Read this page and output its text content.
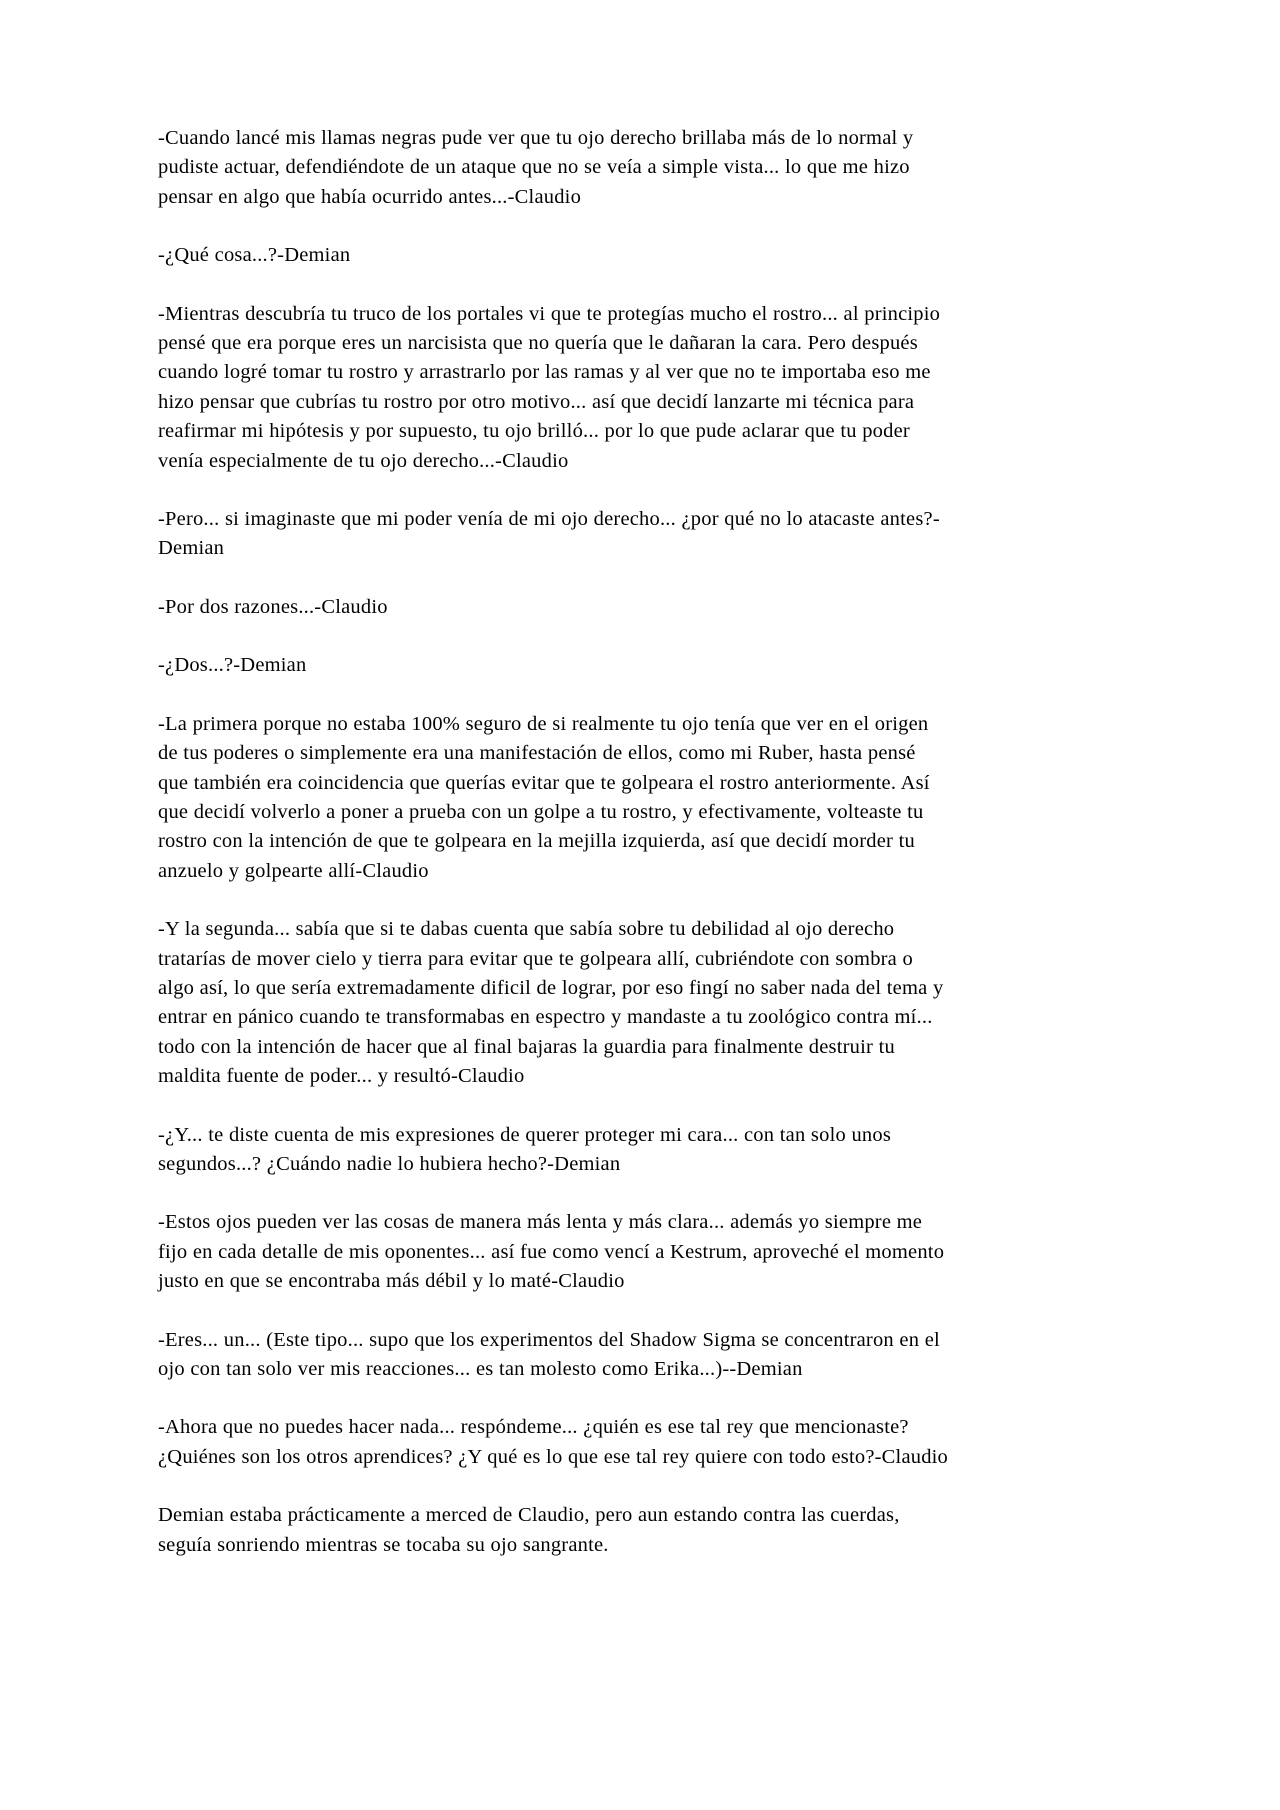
-Cuando lancé mis llamas negras pude ver que tu ojo derecho brillaba más de lo normal y pudiste actuar, defendiéndote de un ataque que no se veía a simple vista... lo que me hizo pensar en algo que había ocurrido antes...-Claudio

-¿Qué cosa...?-Demian

-Mientras descubría tu truco de los portales vi que te protegías mucho el rostro... al principio pensé que era porque eres un narcisista que no quería que le dañaran la cara. Pero después cuando logré tomar tu rostro y arrastrarlo por las ramas y al ver que no te importaba eso me hizo pensar que cubrías tu rostro por otro motivo... así que decidí lanzarte mi técnica para reafirmar mi hipótesis y por supuesto, tu ojo brilló... por lo que pude aclarar que tu poder venía especialmente de tu ojo derecho...-Claudio

-Pero... si imaginaste que mi poder venía de mi ojo derecho... ¿por qué no lo atacaste antes?-Demian

-Por dos razones...-Claudio

-¿Dos...?-Demian

-La primera porque no estaba 100% seguro de si realmente tu ojo tenía que ver en el origen de tus poderes o simplemente era una manifestación de ellos, como mi Ruber, hasta pensé que también era coincidencia que querías evitar que te golpeara el rostro anteriormente. Así que decidí volverlo a poner a prueba con un golpe a tu rostro, y efectivamente, volteaste tu rostro con la intención de que te golpeara en la mejilla izquierda, así que decidí morder tu anzuelo y golpearte allí-Claudio

-Y la segunda... sabía que si te dabas cuenta que sabía sobre tu debilidad al ojo derecho tratarías de mover cielo y tierra para evitar que te golpeara allí, cubriéndote con sombra o algo así, lo que sería extremadamente dificil de lograr, por eso fingí no saber nada del tema y entrar en pánico cuando te transformabas en espectro y mandaste a tu zoológico contra mí... todo con la intención de hacer que al final bajaras la guardia para finalmente destruir tu maldita fuente de poder... y resultó-Claudio

-¿Y... te diste cuenta de mis expresiones de querer proteger mi cara... con tan solo unos segundos...? ¿Cuándo nadie lo hubiera hecho?-Demian

-Estos ojos pueden ver las cosas de manera más lenta y más clara... además yo siempre me fijo en cada detalle de mis oponentes... así fue como vencí a Kestrum, aproveché el momento justo en que se encontraba más débil y lo maté-Claudio

-Eres... un... (Este tipo... supo que los experimentos del Shadow Sigma se concentraron en el ojo con tan solo ver mis reacciones... es tan molesto como Erika...)--Demian

-Ahora que no puedes hacer nada... respóndeme... ¿quién es ese tal rey que mencionaste? ¿Quiénes son los otros aprendices? ¿Y qué es lo que ese tal rey quiere con todo esto?-Claudio

Demian estaba prácticamente a merced de Claudio, pero aun estando contra las cuerdas, seguía sonriendo mientras se tocaba su ojo sangrante.
